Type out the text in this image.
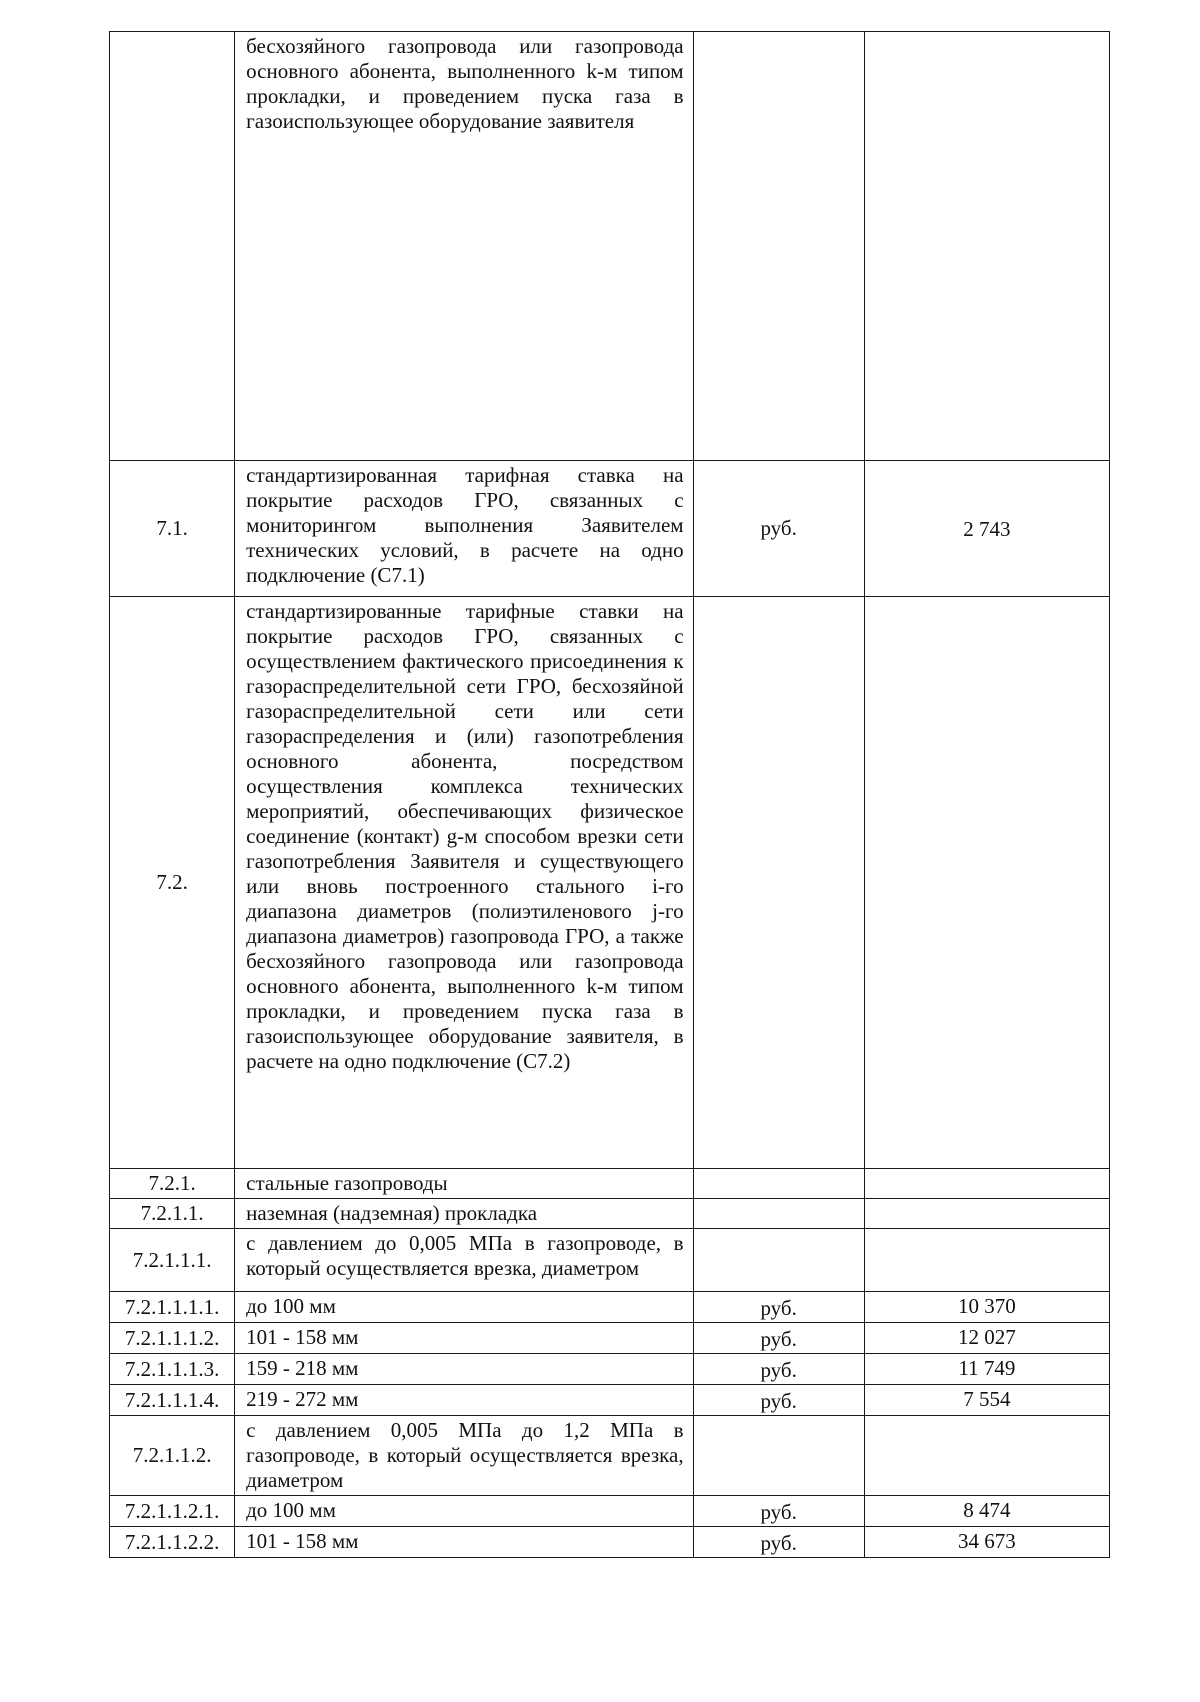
	бесхозяйного газопровода или газопровода основного абонента, выполненного k-м типом прокладки, и проведением пуска газа в газоиспользующее оборудование заявителя		
7.1.	стандартизированная тарифная ставка на покрытие расходов ГРО, связанных с мониторингом выполнения Заявителем технических условий, в расчете на одно подключение (С7.1)	руб.	2 743
7.2.	стандартизированные тарифные ставки на покрытие расходов ГРО, связанных с осуществлением фактического присоединения к газораспределительной сети ГРО, бесхозяйной газораспределительной сети или сети газораспределения и (или) газопотребления основного абонента, посредством осуществления комплекса технических мероприятий, обеспечивающих физическое соединение (контакт) g-м способом врезки сети газопотребления Заявителя и существующего или вновь построенного стального i-го диапазона диаметров (полиэтиленового j-го диапазона диаметров) газопровода ГРО, а также бесхозяйного газопровода или газопровода основного абонента, выполненного k-м типом прокладки, и проведением пуска газа в газоиспользующее оборудование заявителя, в расчете на одно подключение (С7.2)		
7.2.1.	стальные газопроводы		
7.2.1.1.	наземная (надземная) прокладка		
7.2.1.1.1.	с давлением до 0,005 МПа в газопроводе, в который осуществляется врезка, диаметром		
7.2.1.1.1.1.	до 100 мм	руб.	10 370
7.2.1.1.1.2.	101 - 158 мм	руб.	12 027
7.2.1.1.1.3.	159 - 218 мм	руб.	11 749
7.2.1.1.1.4.	219 - 272 мм	руб.	7 554
7.2.1.1.2.	с давлением 0,005 МПа до 1,2 МПа в газопроводе, в который осуществляется врезка, диаметром		
7.2.1.1.2.1.	до 100 мм	руб.	8 474
7.2.1.1.2.2.	101 - 158 мм	руб.	34 673
